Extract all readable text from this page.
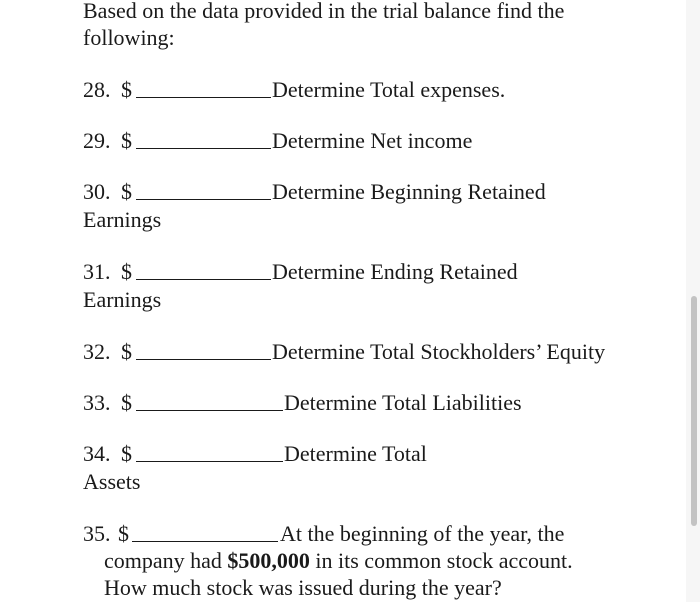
Based on the data provided in the trial balance find the
following:
28. $	Determine Total expenses.
29. $	Determine Net income
30. $	Determine Beginning Retained
Earnings
31. $	Determine Ending Retained
Earnings
32. $	Determine Total Stockholders’ Equity
33. $	Determine Total Liabilities
34. $	Determine Total
Assets
35. $	At the beginning of the year, the
company had $500,000 in its common stock account.
How much stock was issued during the year?
